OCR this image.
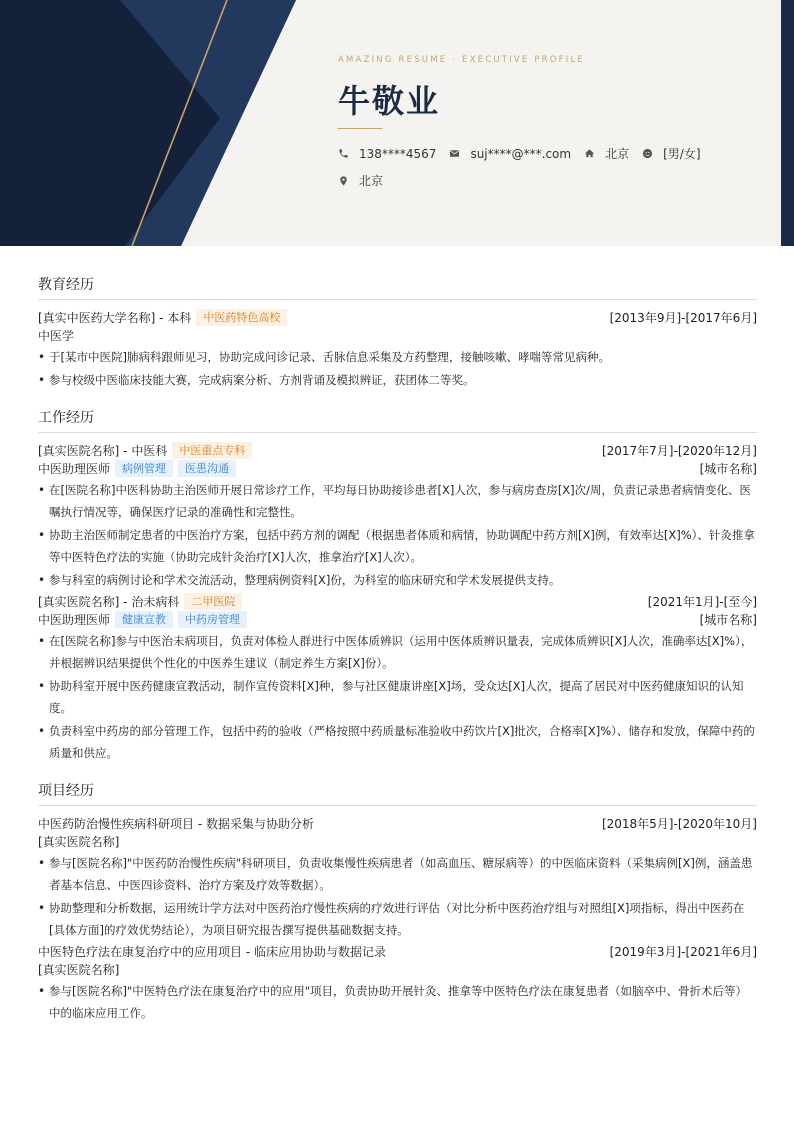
AMAZING RESUME · EXECUTIVE PROFILE
牛敬业
138****4567	suj****@***.com	北京	[男/女]
北京
教育经历
[真实中医药大学名称] - 本科	中医药特色高校	[2013年9月]-[2017年6月]
中医学
• 于[某市中医院]肺病科跟师见习，协助完成问诊记录、舌脉信息采集及方药整理，接触咳嗽、哮喘等常见病种。
• 参与校级中医临床技能大赛，完成病案分析、方剂背诵及模拟辨证，获团体二等奖。
工作经历
[真实医院名称] - 中医科	中医重点专科	[2017年7月]-[2020年12月]
中医助理医师	病例管理	医患沟通	[城市名称]
• 在[医院名称]中医科协助主治医师开展日常诊疗工作，平均每日协助接诊患者[X]人次，参与病房查房[X]次/周，负责记录患者病情变化、医嘱执行情况等，确保医疗记录的准确性和完整性。
• 协助主治医师制定患者的中医治疗方案，包括中药方剂的调配（根据患者体质和病情，协助调配中药方剂[X]例，有效率达[X]%）、针灸推拿等中医特色疗法的实施（协助完成针灸治疗[X]人次，推拿治疗[X]人次）。
• 参与科室的病例讨论和学术交流活动，整理病例资料[X]份，为科室的临床研究和学术发展提供支持。
[真实医院名称] - 治未病科	二甲医院	[2021年1月]-[至今]
中医助理医师	健康宣教	中药房管理	[城市名称]
• 在[医院名称]参与中医治未病项目，负责对体检人群进行中医体质辨识（运用中医体质辨识量表，完成体质辨识[X]人次，准确率达[X]%），并根据辨识结果提供个性化的中医养生建议（制定养生方案[X]份）。
• 协助科室开展中医药健康宣教活动，制作宣传资料[X]种，参与社区健康讲座[X]场，受众达[X]人次，提高了居民对中医药健康知识的认知度。
• 负责科室中药房的部分管理工作，包括中药的验收（严格按照中药质量标准验收中药饮片[X]批次，合格率[X]%）、储存和发放，保障中药的质量和供应。
项目经历
中医药防治慢性疾病科研项目 - 数据采集与协助分析	[2018年5月]-[2020年10月]
[真实医院名称]
• 参与[医院名称]"中医药防治慢性疾病"科研项目，负责收集慢性疾病患者（如高血压、糖尿病等）的中医临床资料（采集病例[X]例，涵盖患者基本信息、中医四诊资料、治疗方案及疗效等数据）。
• 协助整理和分析数据，运用统计学方法对中医药治疗慢性疾病的疗效进行评估（对比分析中医药治疗组与对照组[X]项指标，得出中医药在[具体方面]的疗效优势结论），为项目研究报告撰写提供基础数据支持。
中医特色疗法在康复治疗中的应用项目 - 临床应用协助与数据记录	[2019年3月]-[2021年6月]
[真实医院名称]
• 参与[医院名称]"中医特色疗法在康复治疗中的应用"项目，负责协助开展针灸、推拿等中医特色疗法在康复患者（如脑卒中、骨折术后等）中的临床应用工作。
